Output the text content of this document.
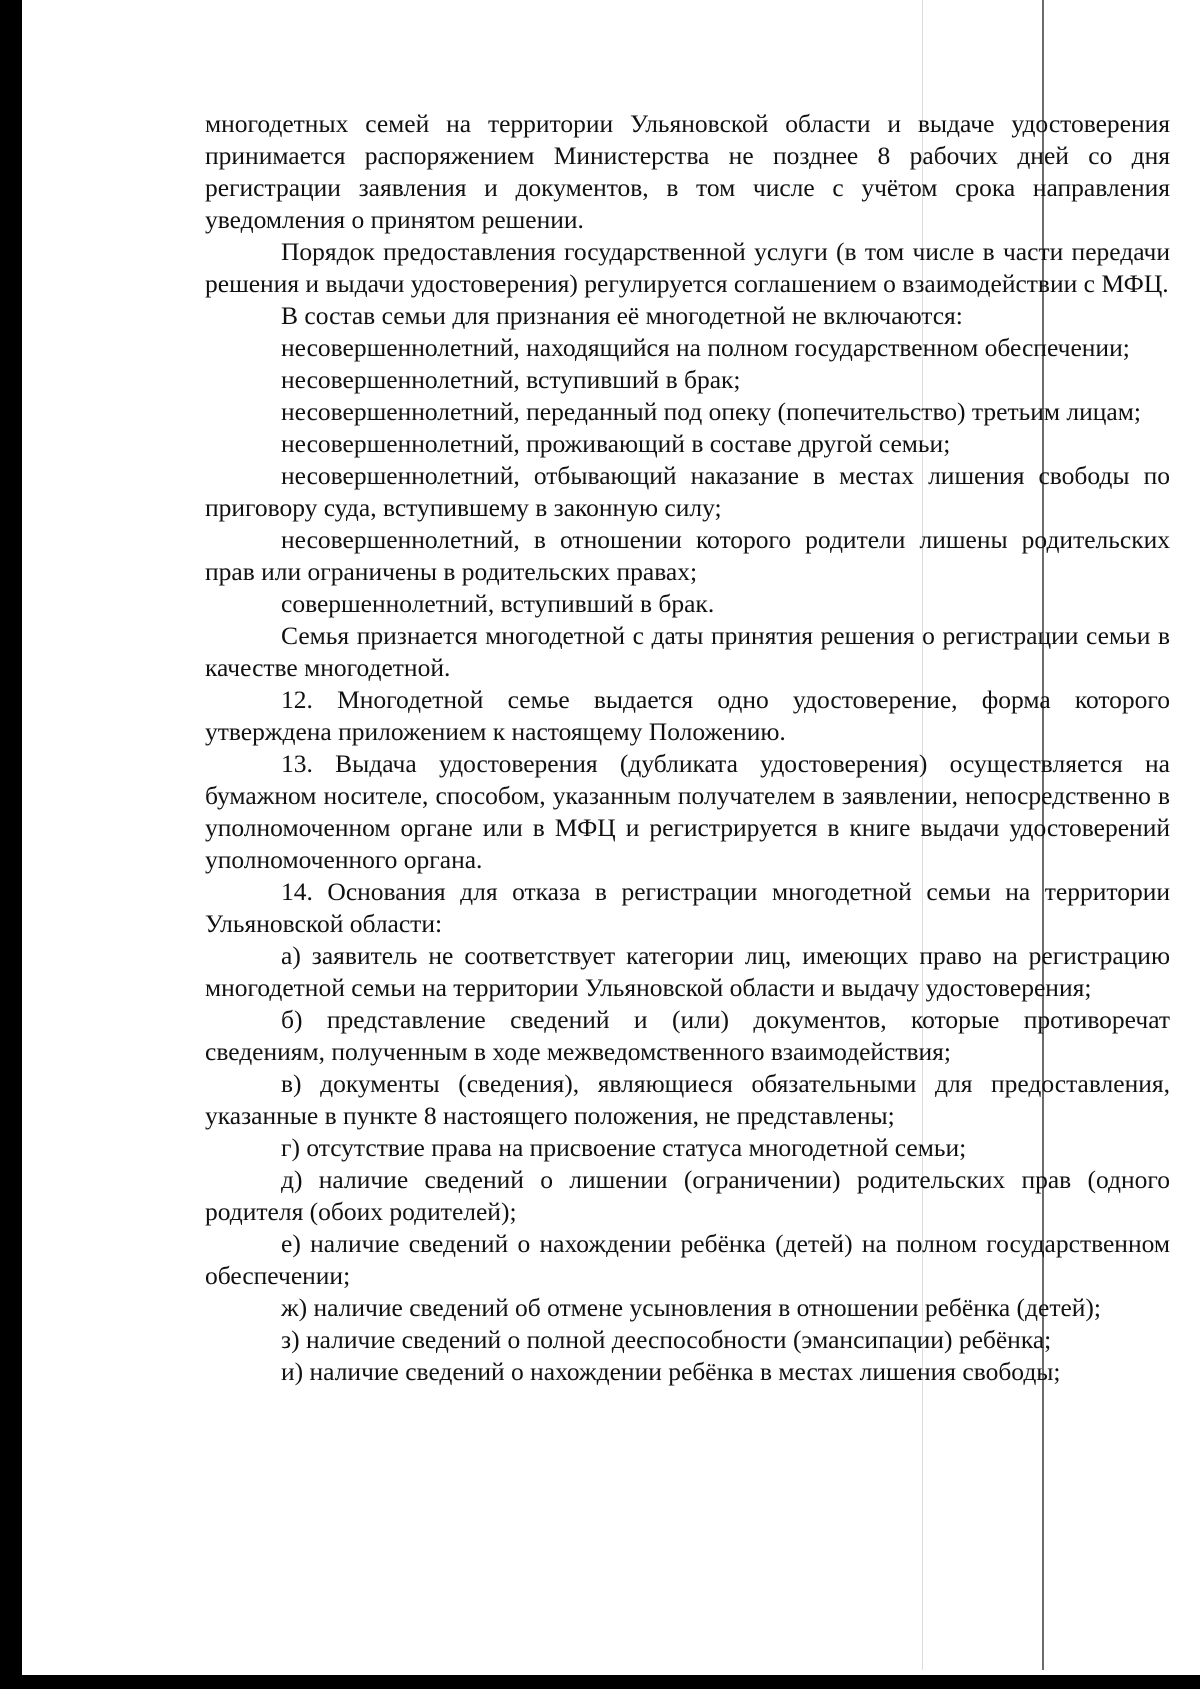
многодетных семей на территории Ульяновской области и выдаче удостоверения принимается распоряжением Министерства не позднее 8 рабочих дней со дня регистрации заявления и документов, в том числе с учётом срока направления уведомления о принятом решении.

Порядок предоставления государственной услуги (в том числе в части передачи решения и выдачи удостоверения) регулируется соглашением о взаимодействии с МФЦ.

В состав семьи для признания её многодетной не включаются:

несовершеннолетний, находящийся на полном государственном обеспечении;

несовершеннолетний, вступивший в брак;

несовершеннолетний, переданный под опеку (попечительство) третьим лицам;

несовершеннолетний, проживающий в составе другой семьи;

несовершеннолетний, отбывающий наказание в местах лишения свободы по приговору суда, вступившему в законную силу;

несовершеннолетний, в отношении которого родители лишены родительских прав или ограничены в родительских правах;

совершеннолетний, вступивший в брак.

Семья признается многодетной с даты принятия решения о регистрации семьи в качестве многодетной.

12. Многодетной семье выдается одно удостоверение, форма которого утверждена приложением к настоящему Положению.

13. Выдача удостоверения (дубликата удостоверения) осуществляется на бумажном носителе, способом, указанным получателем в заявлении, непосредственно в уполномоченном органе или в МФЦ и регистрируется в книге выдачи удостоверений уполномоченного органа.

14. Основания для отказа в регистрации многодетной семьи на территории Ульяновской области:

а) заявитель не соответствует категории лиц, имеющих право на регистрацию многодетной семьи на территории Ульяновской области и выдачу удостоверения;

б) представление сведений и (или) документов, которые противоречат сведениям, полученным в ходе межведомственного взаимодействия;

в) документы (сведения), являющиеся обязательными для предоставления, указанные в пункте 8 настоящего положения, не представлены;

г) отсутствие права на присвоение статуса многодетной семьи;

д) наличие сведений о лишении (ограничении) родительских прав (одного родителя (обоих родителей);

е) наличие сведений о нахождении ребёнка (детей) на полном государственном обеспечении;

ж) наличие сведений об отмене усыновления в отношении ребёнка (детей);

з) наличие сведений о полной дееспособности (эмансипации) ребёнка;

и) наличие сведений о нахождении ребёнка в местах лишения свободы;
